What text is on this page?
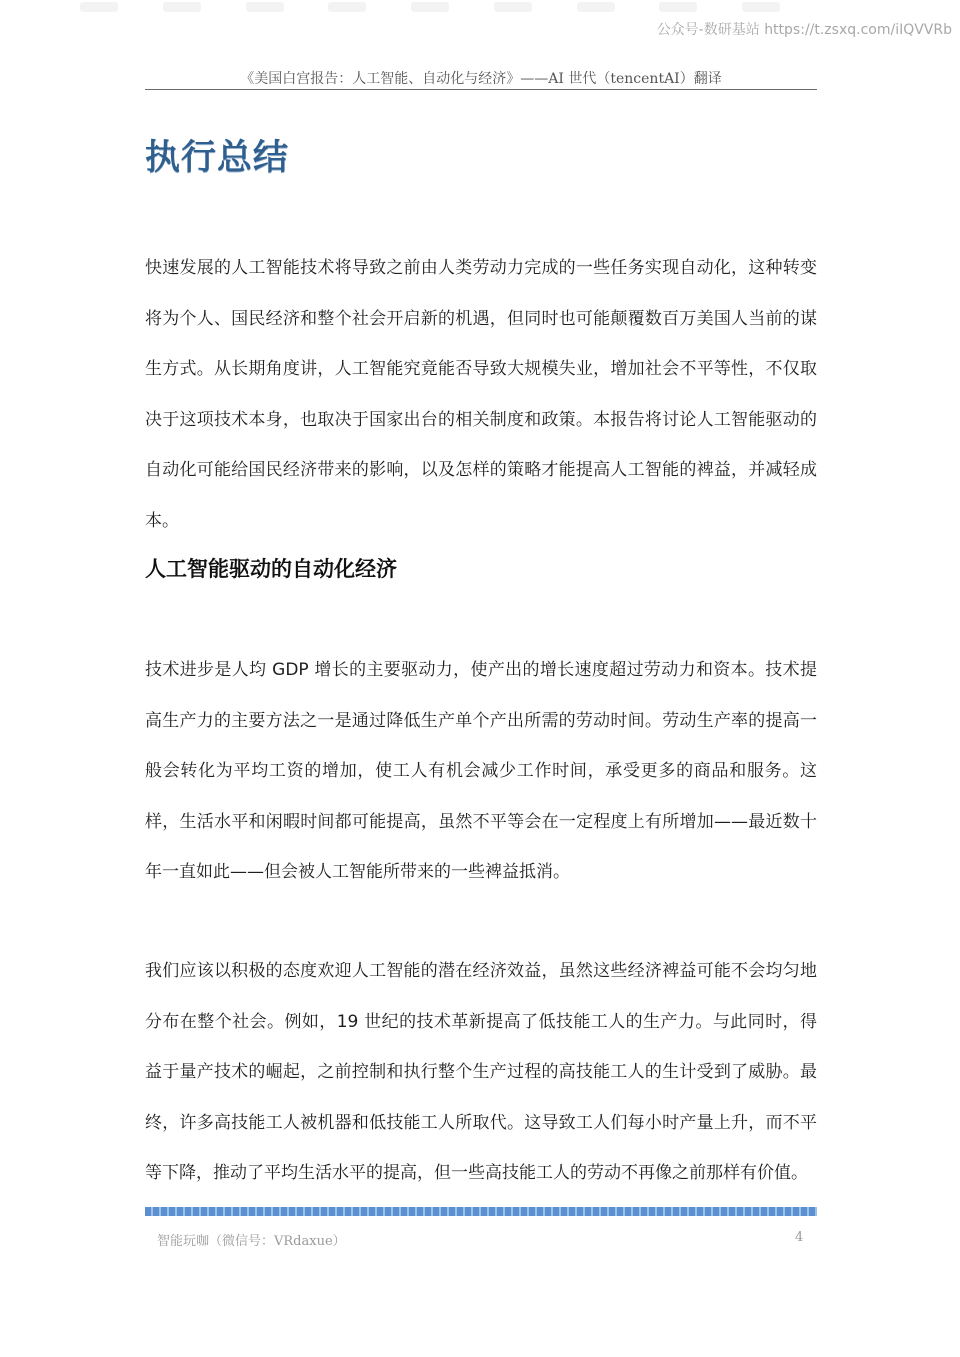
公众号-数研基站 https://t.zsxq.com/iIQVVRb
《美国白宫报告：人工智能、自动化与经济》——AI 世代（tencentAI）翻译
执行总结

快速发展的人工智能技术将导致之前由人类劳动力完成的一些任务实现自动化，这种转变将为个人、国民经济和整个社会开启新的机遇，但同时也可能颠覆数百万美国人当前的谋生方式。从长期角度讲，人工智能究竟能否导致大规模失业，增加社会不平等性，不仅取决于这项技术本身，也取决于国家出台的相关制度和政策。本报告将讨论人工智能驱动的自动化可能给国民经济带来的影响，以及怎样的策略才能提高人工智能的裨益，并减轻成本。

人工智能驱动的自动化经济

技术进步是人均 GDP 增长的主要驱动力，使产出的增长速度超过劳动力和资本。技术提高生产力的主要方法之一是通过降低生产单个产出所需的劳动时间。劳动生产率的提高一般会转化为平均工资的增加，使工人有机会减少工作时间，承受更多的商品和服务。这样，生活水平和闲暇时间都可能提高，虽然不平等会在一定程度上有所增加——最近数十年一直如此——但会被人工智能所带来的一些裨益抵消。

我们应该以积极的态度欢迎人工智能的潜在经济效益，虽然这些经济裨益可能不会均匀地分布在整个社会。例如，19 世纪的技术革新提高了低技能工人的生产力。与此同时，得益于量产技术的崛起，之前控制和执行整个生产过程的高技能工人的生计受到了威胁。最终，许多高技能工人被机器和低技能工人所取代。这导致工人们每小时产量上升，而不平等下降，推动了平均生活水平的提高，但一些高技能工人的劳动不再像之前那样有价值。

智能玩咖（微信号：VRdaxue）	4
